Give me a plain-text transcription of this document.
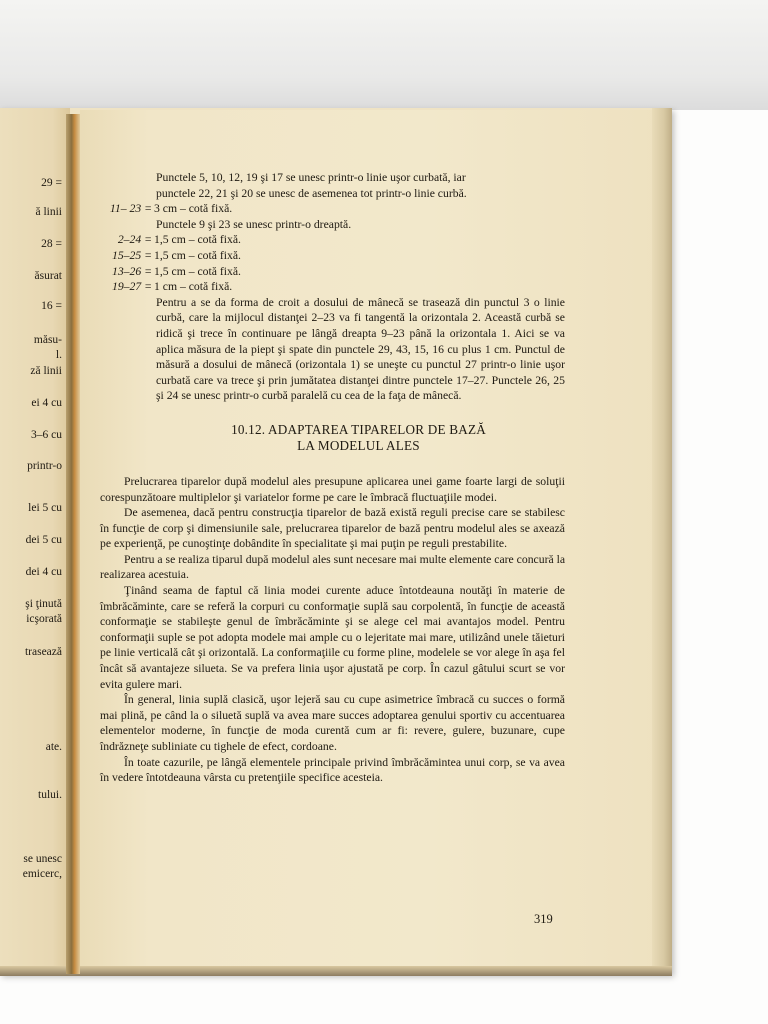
29 =
ă linii
28 =
ăsurat
16 =
măsu-
l.
ză linii
ei 4 cu
3–6 cu
printr-o
lei 5 cu
dei 5 cu
dei 4 cu
şi ţinută
icşorată
trasează
ate.
tului.
se unesc
emicerc,
Punctele 5, 10, 12, 19 şi 17 se unesc printr-o linie uşor curbată, iar
punctele 22, 21 şi 20 se unesc de asemenea tot printr-o linie curbă.
11– 23 = 3 cm – cotă fixă.
Punctele 9 şi 23 se unesc printr-o dreaptă.
2–24 = 1,5 cm – cotă fixă.
15–25 = 1,5 cm – cotă fixă.
13–26 = 1,5 cm – cotă fixă.
19–27 = 1 cm – cotă fixă.
Pentru a se da forma de croit a dosului de mânecă se trasează din punctul 3 o linie curbă, care la mijlocul distanţei 2–23 va fi tangentă la orizontala 2. Această curbă se ridică şi trece în continuare pe lângă dreapta 9–23 până la orizontala 1. Aici se va aplica măsura de la piept şi spate din punctele 29, 43, 15, 16 cu plus 1 cm. Punctul de măsură a dosului de mânecă (orizontala 1) se uneşte cu punctul 27 printr-o linie uşor curbată care va trece şi prin jumătatea distanţei dintre punctele 17–27. Punctele 26, 25 şi 24 se unesc printr-o curbă paralelă cu cea de la faţa de mânecă.
10.12. ADAPTAREA TIPARELOR DE BAZĂ
LA MODELUL ALES
Prelucrarea tiparelor după modelul ales presupune aplicarea unei game foarte largi de soluţii corespunzătoare multiplelor şi variatelor forme pe care le îmbracă fluctuaţiile modei.
De asemenea, dacă pentru construcţia tiparelor de bază există reguli precise care se stabilesc în funcţie de corp şi dimensiunile sale, prelucrarea tiparelor de bază pentru modelul ales se axează pe experienţă, pe cunoştinţe dobândite în specialitate şi mai puţin pe reguli prestabilite.
Pentru a se realiza tiparul după modelul ales sunt necesare mai multe elemente care concură la realizarea acestuia.
Ţinând seama de faptul că linia modei curente aduce întotdeauna noutăţi în materie de îmbrăcăminte, care se referă la corpuri cu conformaţie suplă sau corpolentă, în funcţie de această conformaţie se stabileşte genul de îmbrăcăminte şi se alege cel mai avantajos model. Pentru conformaţii suple se pot adopta modele mai ample cu o lejeritate mai mare, utilizând unele tăieturi pe linie verticală cât şi orizontală. La conformaţiile cu forme pline, modelele se vor alege în aşa fel încât să avantajeze silueta. Se va prefera linia uşor ajustată pe corp. În cazul gâtului scurt se vor evita gulere mari.
În general, linia suplă clasică, uşor lejeră sau cu cupe asimetrice îmbracă cu succes o formă mai plină, pe când la o siluetă suplă va avea mare succes adoptarea genului sportiv cu accentuarea elementelor moderne, în funcţie de moda curentă cum ar fi: revere, gulere, buzunare, cupe îndrăzneţe subliniate cu tighele de efect, cordoane.
În toate cazurile, pe lângă elementele principale privind îmbrăcămintea unui corp, se va avea în vedere întotdeauna vârsta cu pretenţiile specifice acesteia.
319
